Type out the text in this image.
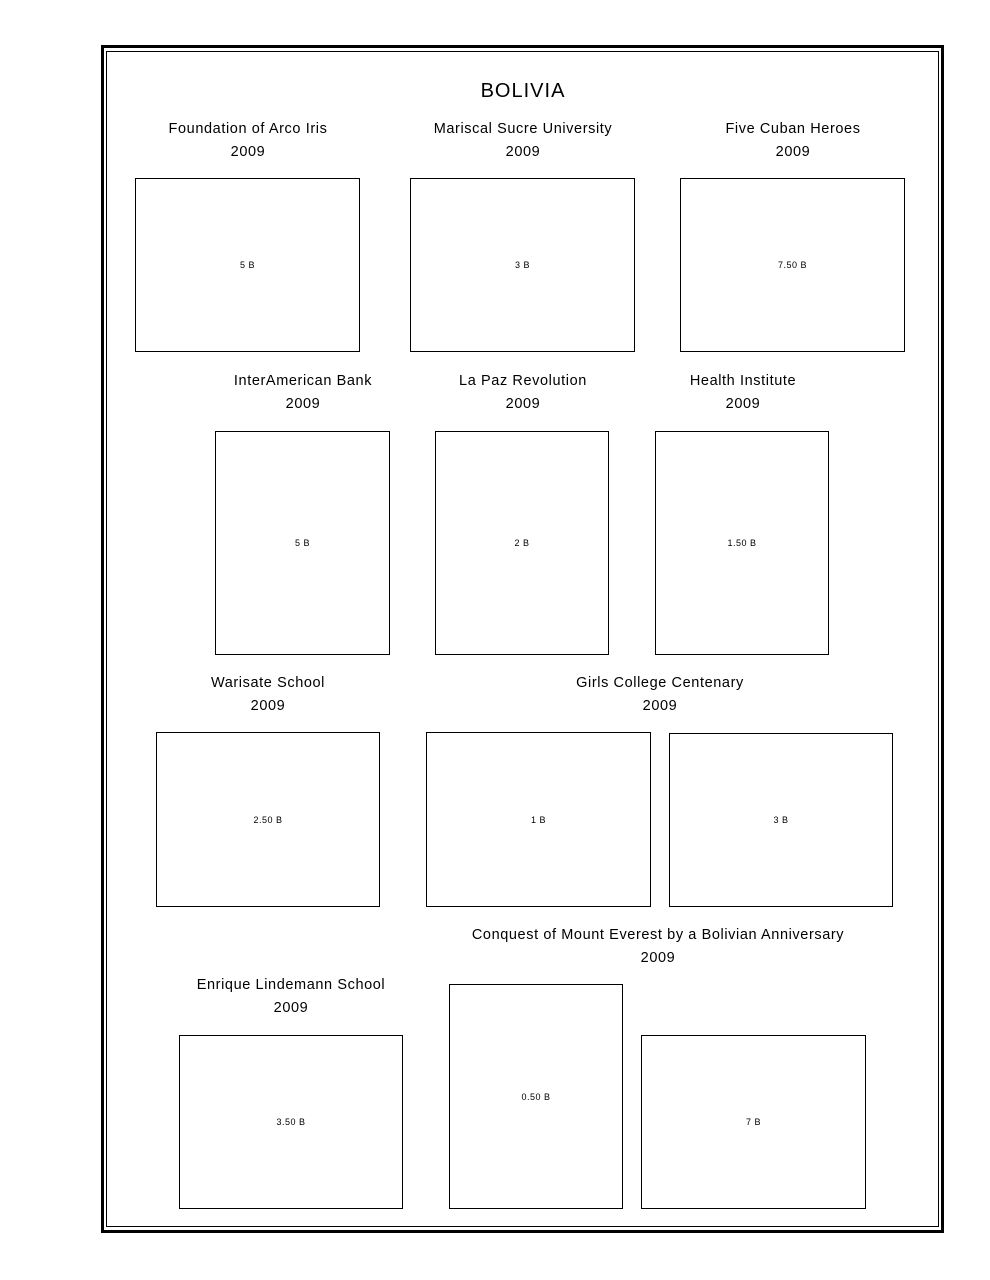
BOLIVIA
Foundation of Arco Iris
2009
5 B
Mariscal Sucre University
2009
3 B
Five Cuban Heroes
2009
7.50 B
InterAmerican Bank
2009
5 B
La Paz Revolution
2009
2 B
Health Institute
2009
1.50 B
Warisate School
2009
2.50 B
Girls College Centenary
2009
1 B	3 B
Conquest of Mount Everest by a Bolivian Anniversary
2009
0.50 B
7 B
Enrique Lindemann School
2009
3.50 B
